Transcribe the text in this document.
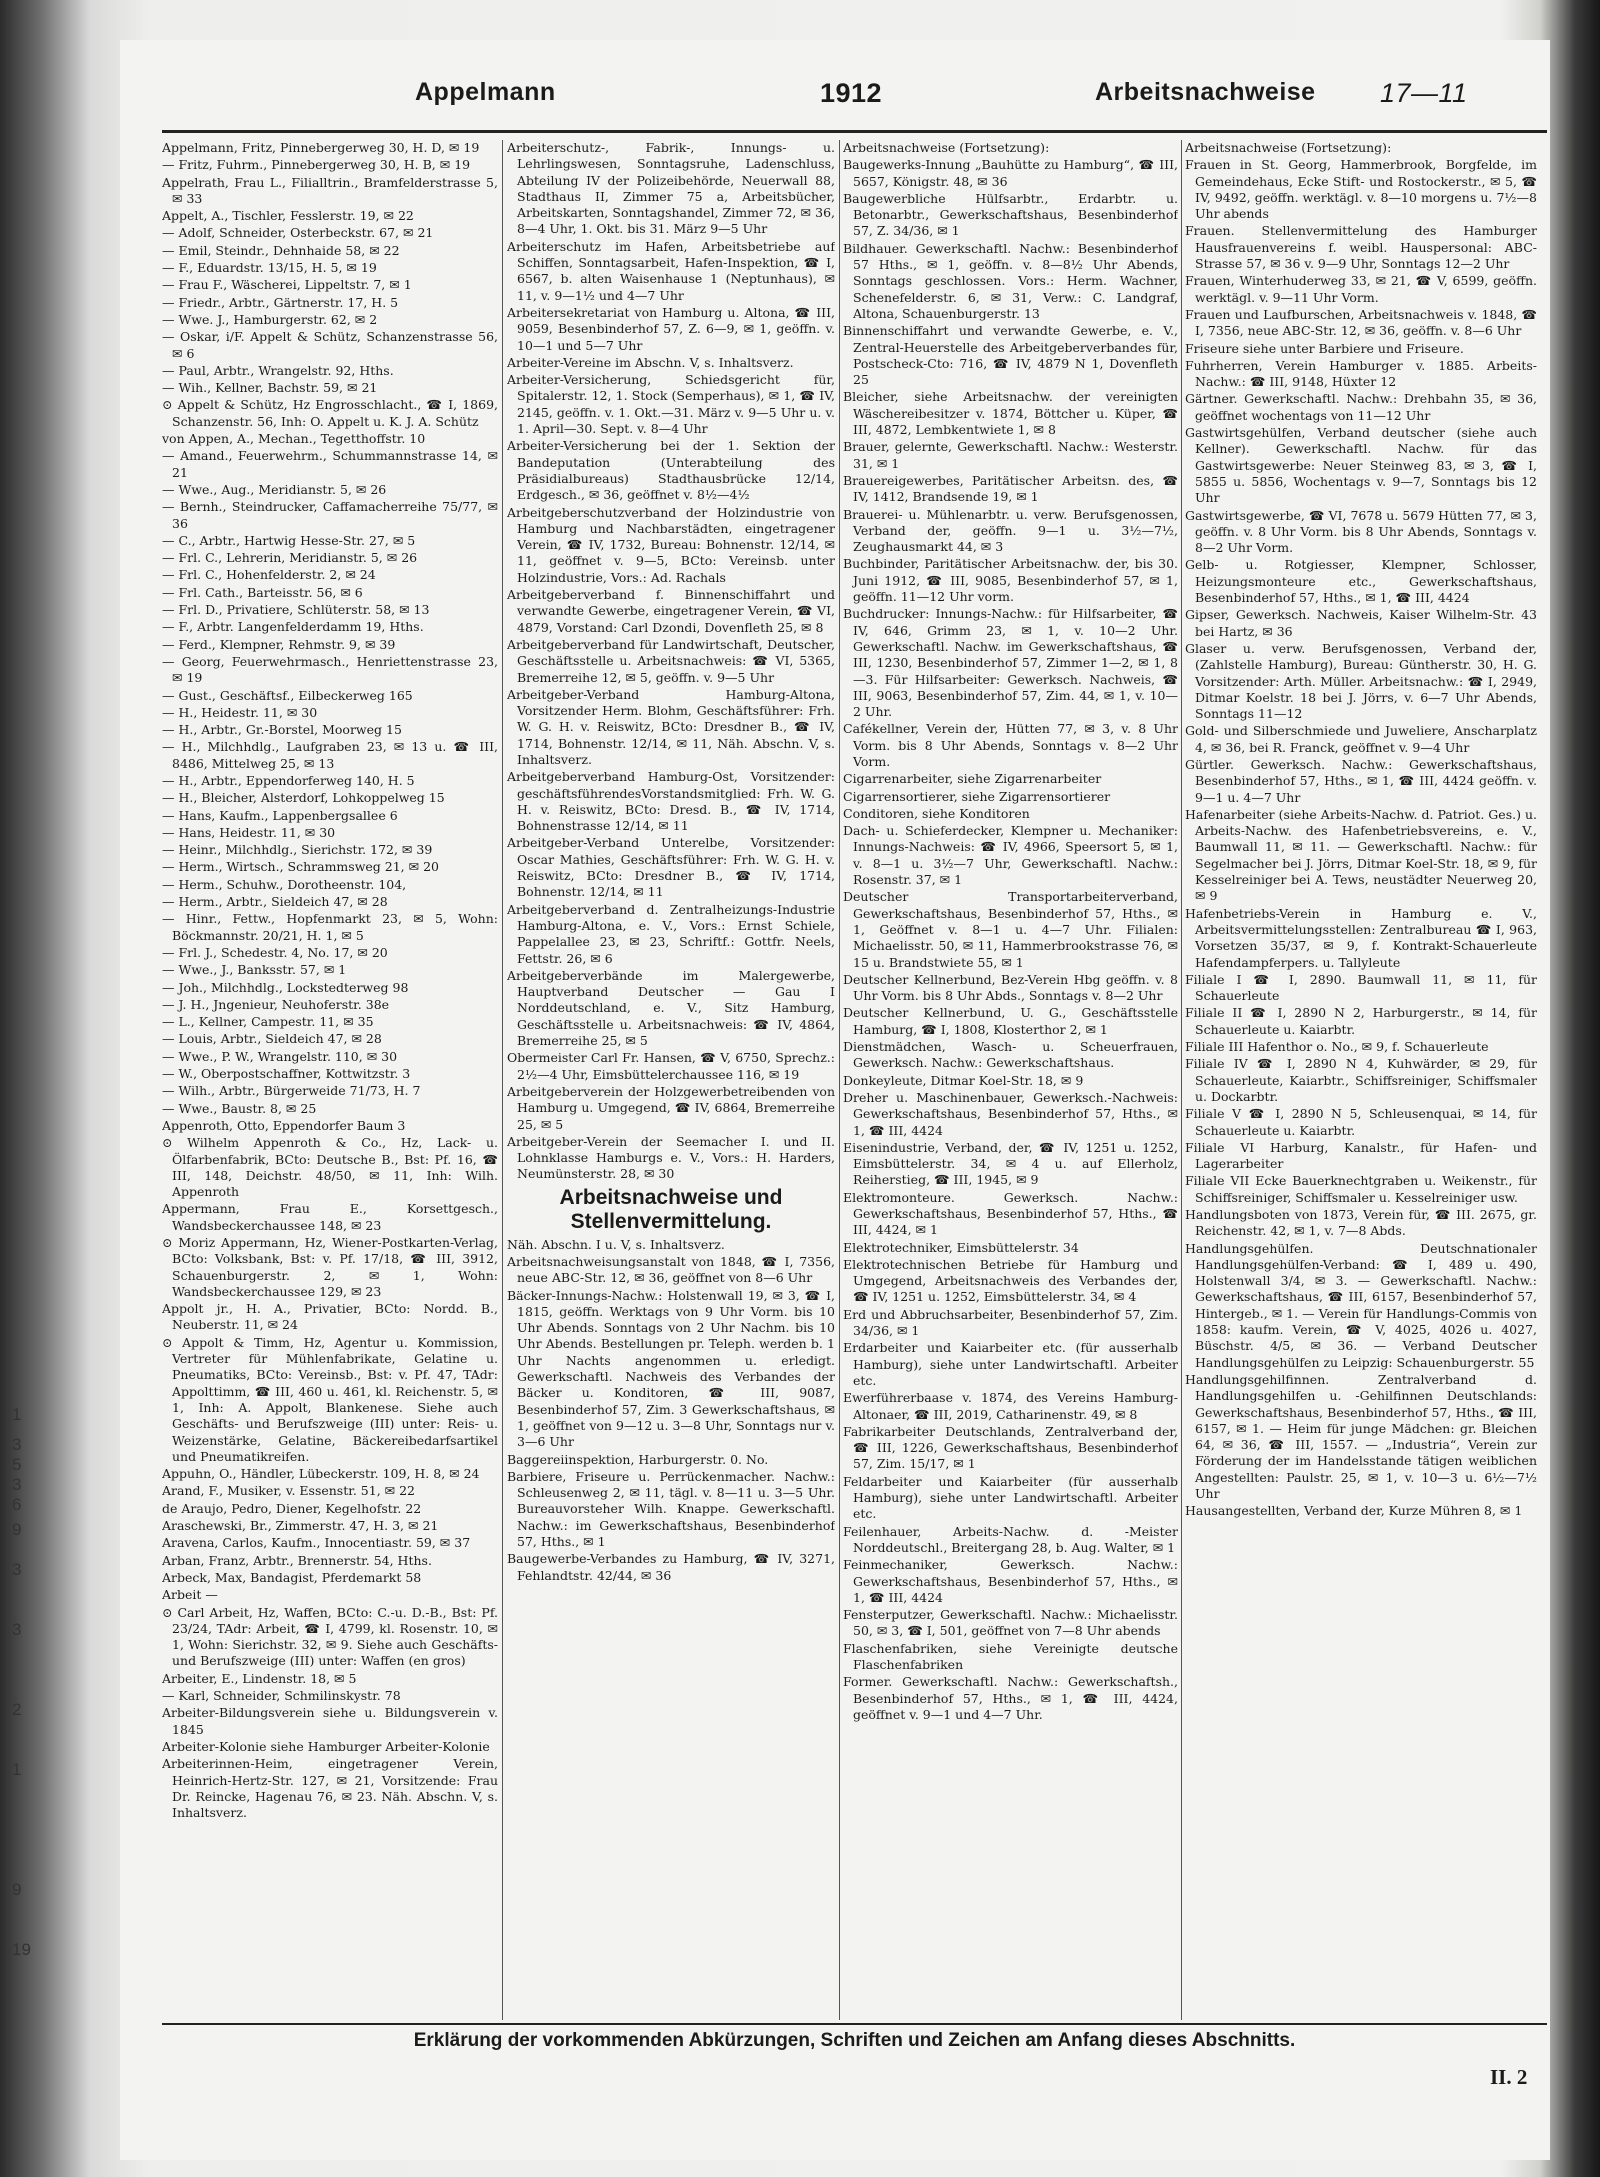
1
3
5
3
6
9
3
3
2
1
9
19
Appelmann	1912	Arbeitsnachweise 17—11

Appelmann, Fritz, Pinnebergerweg 30, H. D, ✉ 19

— Fritz, Fuhrm., Pinnebergerweg 30, H. B, ✉ 19

Appelrath, Frau L., Filialltrin., Bramfelderstrasse 5, ✉ 33

Appelt, A., Tischler, Fesslerstr. 19, ✉ 22

— Adolf, Schneider, Osterbeckstr. 67, ✉ 21

— Emil, Steindr., Dehnhaide 58, ✉ 22

— F., Eduardstr. 13/15, H. 5, ✉ 19

— Frau F., Wäscherei, Lippeltstr. 7, ✉ 1

— Friedr., Arbtr., Gärtnerstr. 17, H. 5

— Wwe. J., Hamburgerstr. 62, ✉ 2

— Oskar, i/F. Appelt & Schütz, Schanzenstrasse 56, ✉ 6

— Paul, Arbtr., Wrangelstr. 92, Hths.

— Wih., Kellner, Bachstr. 59, ✉ 21

⊙ Appelt & Schütz, Hz Engrosschlacht., ☎ I, 1869, Schanzenstr. 56, Inh: O. Appelt u. K. J. A. Schütz

von Appen, A., Mechan., Tegetthoffstr. 10

— Amand., Feuerwehrm., Schummannstrasse 14, ✉ 21

— Wwe., Aug., Meridianstr. 5, ✉ 26

— Bernh., Steindrucker, Caffamacherreihe 75/77, ✉ 36

— C., Arbtr., Hartwig Hesse-Str. 27, ✉ 5

— Frl. C., Lehrerin, Meridianstr. 5, ✉ 26

— Frl. C., Hohenfelderstr. 2, ✉ 24

— Frl. Cath., Barteisstr. 56, ✉ 6

— Frl. D., Privatiere, Schlüterstr. 58, ✉ 13

— F., Arbtr. Langenfelderdamm 19, Hths.

— Ferd., Klempner, Rehmstr. 9, ✉ 39

— Georg, Feuerwehrmasch., Henriettenstrasse 23, ✉ 19

— Gust., Geschäftsf., Eilbeckerweg 165

— H., Heidestr. 11, ✉ 30

— H., Arbtr., Gr.-Borstel, Moorweg 15

— H., Milchhdlg., Laufgraben 23, ✉ 13 u. ☎ III, 8486, Mittelweg 25, ✉ 13

— H., Arbtr., Eppendorferweg 140, H. 5

— H., Bleicher, Alsterdorf, Lohkoppelweg 15

— Hans, Kaufm., Lappenbergsallee 6

— Hans, Heidestr. 11, ✉ 30

— Heinr., Milchhdlg., Sierichstr. 172, ✉ 39

— Herm., Wirtsch., Schrammsweg 21, ✉ 20

— Herm., Schuhw., Dorotheenstr. 104,

— Herm., Arbtr., Sieldeich 47, ✉ 28

— Hinr., Fettw., Hopfenmarkt 23, ✉ 5, Wohn: Böckmannstr. 20/21, H. 1, ✉ 5

— Frl. J., Schedestr. 4, No. 17, ✉ 20

— Wwe., J., Banksstr. 57, ✉ 1

— Joh., Milchhdlg., Lockstedterweg 98

— J. H., Jngenieur, Neuhoferstr. 38e

— L., Kellner, Campestr. 11, ✉ 35

— Louis, Arbtr., Sieldeich 47, ✉ 28

— Wwe., P. W., Wrangelstr. 110, ✉ 30

— W., Oberpostschaffner, Kottwitzstr. 3

— Wilh., Arbtr., Bürgerweide 71/73, H. 7

— Wwe., Baustr. 8, ✉ 25

Appenroth, Otto, Eppendorfer Baum 3

⊙ Wilhelm Appenroth & Co., Hz, Lack- u. Ölfarbenfabrik, BCto: Deutsche B., Bst: Pf. 16, ☎ III, 148, Deichstr. 48/50, ✉ 11, Inh: Wilh. Appenroth

Appermann, Frau E., Korsettgesch., Wandsbeckerchaussee 148, ✉ 23

⊙ Moriz Appermann, Hz, Wiener-Postkarten-Verlag, BCto: Volksbank, Bst: v. Pf. 17/18, ☎ III, 3912, Schauenburgerstr. 2, ✉ 1, Wohn: Wandsbeckerchaussee 129, ✉ 23

Appolt jr., H. A., Privatier, BCto: Nordd. B., Neuberstr. 11, ✉ 24

⊙ Appolt & Timm, Hz, Agentur u. Kommission, Vertreter für Mühlenfabrikate, Gelatine u. Pneumatiks, BCto: Vereinsb., Bst: v. Pf. 47, TAdr: Appolttimm, ☎ III, 460 u. 461, kl. Reichenstr. 5, ✉ 1, Inh: A. Appolt, Blankenese. Siehe auch Geschäfts- und Berufszweige (III) unter: Reis- u. Weizenstärke, Gelatine, Bäckereibedarfsartikel und Pneumatikreifen.

Appuhn, O., Händler, Lübeckerstr. 109, H. 8, ✉ 24

Arand, F., Musiker, v. Essenstr. 51, ✉ 22

de Araujo, Pedro, Diener, Kegelhofstr. 22

Araschewski, Br., Zimmerstr. 47, H. 3, ✉ 21

Aravena, Carlos, Kaufm., Innocentiastr. 59, ✉ 37

Arban, Franz, Arbtr., Brennerstr. 54, Hths.

Arbeck, Max, Bandagist, Pferdemarkt 58

Arbeit —

⊙ Carl Arbeit, Hz, Waffen, BCto: C.-u. D.-B., Bst: Pf. 23/24, TAdr: Arbeit, ☎ I, 4799, kl. Rosenstr. 10, ✉ 1, Wohn: Sierichstr. 32, ✉ 9. Siehe auch Geschäfts- und Berufszweige (III) unter: Waffen (en gros)

Arbeiter, E., Lindenstr. 18, ✉ 5

— Karl, Schneider, Schmilinskystr. 78

Arbeiter-Bildungsverein siehe u. Bildungsverein v. 1845

Arbeiter-Kolonie siehe Hamburger Arbeiter-Kolonie

Arbeiterinnen-Heim, eingetragener Verein, Heinrich-Hertz-Str. 127, ✉ 21, Vorsitzende: Frau Dr. Reincke, Hagenau 76, ✉ 23. Näh. Abschn. V, s. Inhaltsverz.

Arbeiterschutz-, Fabrik-, Innungs- u. Lehrlingswesen, Sonntagsruhe, Ladenschluss, Abteilung IV der Polizeibehörde, Neuerwall 88, Stadthaus II, Zimmer 75 a, Arbeitsbücher, Arbeitskarten, Sonntagshandel, Zimmer 72, ✉ 36, 8—4 Uhr, 1. Okt. bis 31. März 9—5 Uhr

Arbeiterschutz im Hafen, Arbeitsbetriebe auf Schiffen, Sonntagsarbeit, Hafen-Inspektion, ☎ I, 6567, b. alten Waisenhause 1 (Neptunhaus), ✉ 11, v. 9—1½ und 4—7 Uhr

Arbeitersekretariat von Hamburg u. Altona, ☎ III, 9059, Besenbinderhof 57, Z. 6—9, ✉ 1, geöffn. v. 10—1 und 5—7 Uhr

Arbeiter-Vereine im Abschn. V, s. Inhaltsverz.

Arbeiter-Versicherung, Schiedsgericht für, Spitalerstr. 12, 1. Stock (Semperhaus), ✉ 1, ☎ IV, 2145, geöffn. v. 1. Okt.—31. März v. 9—5 Uhr u. v. 1. April—30. Sept. v. 8—4 Uhr

Arbeiter-Versicherung bei der 1. Sektion der Bandeputation (Unterabteilung des Präsidialbureaus) Stadthausbrücke 12/14, Erdgesch., ✉ 36, geöffnet v. 8½—4½

Arbeitgeberschutzverband der Holzindustrie von Hamburg und Nachbarstädten, eingetragener Verein, ☎ IV, 1732, Bureau: Bohnenstr. 12/14, ✉ 11, geöffnet v. 9—5, BCto: Vereinsb. unter Holzindustrie, Vors.: Ad. Rachals

Arbeitgeberverband f. Binnenschiffahrt und verwandte Gewerbe, eingetragener Verein, ☎ VI, 4879, Vorstand: Carl Dzondi, Dovenfleth 25, ✉ 8

Arbeitgeberverband für Landwirtschaft, Deutscher, Geschäftsstelle u. Arbeitsnachweis: ☎ VI, 5365, Bremerreihe 12, ✉ 5, geöffn. v. 9—5 Uhr

Arbeitgeber-Verband Hamburg-Altona, Vorsitzender Herm. Blohm, Geschäftsführer: Frh. W. G. H. v. Reiswitz, BCto: Dresdner B., ☎ IV, 1714, Bohnenstr. 12/14, ✉ 11, Näh. Abschn. V, s. Inhaltsverz.

Arbeitgeberverband Hamburg-Ost, Vorsitzender: geschäftsführendesVorstandsmitglied: Frh. W. G. H. v. Reiswitz, BCto: Dresd. B., ☎ IV, 1714, Bohnenstrasse 12/14, ✉ 11

Arbeitgeber-Verband Unterelbe, Vorsitzender: Oscar Mathies, Geschäftsführer: Frh. W. G. H. v. Reiswitz, BCto: Dresdner B., ☎ IV, 1714, Bohnenstr. 12/14, ✉ 11

Arbeitgeberverband d. Zentralheizungs-Industrie Hamburg-Altona, e. V., Vors.: Ernst Schiele, Pappelallee 23, ✉ 23, Schriftf.: Gottfr. Neels, Fettstr. 26, ✉ 6

Arbeitgeberverbände im Malergewerbe, Hauptverband Deutscher — Gau I Norddeutschland, e. V., Sitz Hamburg, Geschäftsstelle u. Arbeitsnachweis: ☎ IV, 4864, Bremerreihe 25, ✉ 5

Obermeister Carl Fr. Hansen, ☎ V, 6750, Sprechz.: 2½—4 Uhr, Eimsbüttelerchaussee 116, ✉ 19

Arbeitgeberverein der Holzgewerbetreibenden von Hamburg u. Umgegend, ☎ IV, 6864, Bremerreihe 25, ✉ 5

Arbeitgeber-Verein der Seemacher I. und II. Lohnklasse Hamburgs e. V., Vors.: H. Harders, Neumünsterstr. 28, ✉ 30

Arbeitsnachweise und Stellenvermittelung.

Näh. Abschn. I u. V, s. Inhaltsverz.

Arbeitsnachweisungsanstalt von 1848, ☎ I, 7356, neue ABC-Str. 12, ✉ 36, geöffnet von 8—6 Uhr

Bäcker-Innungs-Nachw.: Holstenwall 19, ✉ 3, ☎ I, 1815, geöffn. Werktags von 9 Uhr Vorm. bis 10 Uhr Abends. Sonntags von 2 Uhr Nachm. bis 10 Uhr Abends. Bestellungen pr. Teleph. werden b. 1 Uhr Nachts angenommen u. erledigt. Gewerkschaftl. Nachweis des Verbandes der Bäcker u. Konditoren, ☎ III, 9087, Besenbinderhof 57, Zim. 3 Gewerkschaftshaus, ✉ 1, geöffnet von 9—12 u. 3—8 Uhr, Sonntags nur v. 3—6 Uhr

Baggereiinspektion, Harburgerstr. 0. No.

Barbiere, Friseure u. Perrückenmacher. Nachw.: Schleusenweg 2, ✉ 11, tägl. v. 8—11 u. 3—5 Uhr. Bureauvorsteher Wilh. Knappe. Gewerkschaftl. Nachw.: im Gewerkschaftshaus, Besenbinderhof 57, Hths., ✉ 1

Baugewerbe-Verbandes zu Hamburg, ☎ IV, 3271, Fehlandtstr. 42/44, ✉ 36

Arbeitsnachweise (Fortsetzung):

Baugewerks-Innung „Bauhütte zu Hamburg“, ☎ III, 5657, Königstr. 48, ✉ 36

Baugewerbliche Hülfsarbtr., Erdarbtr. u. Betonarbtr., Gewerkschaftshaus, Besenbinderhof 57, Z. 34/36, ✉ 1

Bildhauer. Gewerkschaftl. Nachw.: Besenbinderhof 57 Hths., ✉ 1, geöffn. v. 8—8½ Uhr Abends, Sonntags geschlossen. Vors.: Herm. Wachner, Schenefelderstr. 6, ✉ 31, Verw.: C. Landgraf, Altona, Schauenburgerstr. 13

Binnenschiffahrt und verwandte Gewerbe, e. V., Zentral-Heuerstelle des Arbeitgeberverbandes für, Postscheck-Cto: 716, ☎ IV, 4879 N 1, Dovenfleth 25

Bleicher, siehe Arbeitsnachw. der vereinigten Wäschereibesitzer v. 1874, Böttcher u. Küper, ☎ III, 4872, Lembkentwiete 1, ✉ 8

Brauer, gelernte, Gewerkschaftl. Nachw.: Westerstr. 31, ✉ 1

Brauereigewerbes, Paritätischer Arbeitsn. des, ☎ IV, 1412, Brandsende 19, ✉ 1

Brauerei- u. Mühlenarbtr. u. verw. Berufsgenossen, Verband der, geöffn. 9—1 u. 3½—7½, Zeughausmarkt 44, ✉ 3

Buchbinder, Paritätischer Arbeitsnachw. der, bis 30. Juni 1912, ☎ III, 9085, Besenbinderhof 57, ✉ 1, geöffn. 11—12 Uhr vorm.

Buchdrucker: Innungs-Nachw.: für Hilfsarbeiter, ☎ IV, 646, Grimm 23, ✉ 1, v. 10—2 Uhr. Gewerkschaftl. Nachw. im Gewerkschaftshaus, ☎ III, 1230, Besenbinderhof 57, Zimmer 1—2, ✉ 1, 8—3. Für Hilfsarbeiter: Gewerksch. Nachweis, ☎ III, 9063, Besenbinderhof 57, Zim. 44, ✉ 1, v. 10—2 Uhr.

Cafékellner, Verein der, Hütten 77, ✉ 3, v. 8 Uhr Vorm. bis 8 Uhr Abends, Sonntags v. 8—2 Uhr Vorm.

Cigarrenarbeiter, siehe Zigarrenarbeiter

Cigarrensortierer, siehe Zigarrensortierer

Conditoren, siehe Konditoren

Dach- u. Schieferdecker, Klempner u. Mechaniker: Innungs-Nachweis: ☎ IV, 4966, Speersort 5, ✉ 1, v. 8—1 u. 3½—7 Uhr, Gewerkschaftl. Nachw.: Rosenstr. 37, ✉ 1

Deutscher Transportarbeiterverband, Gewerkschaftshaus, Besenbinderhof 57, Hths., ✉ 1, Geöffnet v. 8—1 u. 4—7 Uhr. Filialen: Michaelisstr. 50, ✉ 11, Hammerbrookstrasse 76, ✉ 15 u. Brandstwiete 55, ✉ 1

Deutscher Kellnerbund, Bez-Verein Hbg geöffn. v. 8 Uhr Vorm. bis 8 Uhr Abds., Sonntags v. 8—2 Uhr

Deutscher Kellnerbund, U. G., Geschäftsstelle Hamburg, ☎ I, 1808, Klosterthor 2, ✉ 1

Dienstmädchen, Wasch- u. Scheuerfrauen, Gewerksch. Nachw.: Gewerkschaftshaus.

Donkeyleute, Ditmar Koel-Str. 18, ✉ 9

Dreher u. Maschinenbauer, Gewerksch.-Nachweis: Gewerkschaftshaus, Besenbinderhof 57, Hths., ✉ 1, ☎ III, 4424

Eisenindustrie, Verband, der, ☎ IV, 1251 u. 1252, Eimsbüttelerstr. 34, ✉ 4 u. auf Ellerholz, Reiherstieg, ☎ III, 1945, ✉ 9

Elektromonteure. Gewerksch. Nachw.: Gewerkschaftshaus, Besenbinderhof 57, Hths., ☎ III, 4424, ✉ 1

Elektrotechniker, Eimsbüttelerstr. 34

Elektrotechnischen Betriebe für Hamburg und Umgegend, Arbeitsnachweis des Verbandes der, ☎ IV, 1251 u. 1252, Eimsbüttelerstr. 34, ✉ 4

Erd und Abbruchsarbeiter, Besenbinderhof 57, Zim. 34/36, ✉ 1

Erdarbeiter und Kaiarbeiter etc. (für ausserhalb Hamburg), siehe unter Landwirtschaftl. Arbeiter etc.

Ewerführerbaase v. 1874, des Vereins Hamburg-Altonaer, ☎ III, 2019, Catharinenstr. 49, ✉ 8

Fabrikarbeiter Deutschlands, Zentralverband der, ☎ III, 1226, Gewerkschaftshaus, Besenbinderhof 57, Zim. 15/17, ✉ 1

Feldarbeiter und Kaiarbeiter (für ausserhalb Hamburg), siehe unter Landwirtschaftl. Arbeiter etc.

Feilenhauer, Arbeits-Nachw. d. -Meister Norddeutschl., Breitergang 28, b. Aug. Walter, ✉ 1

Feinmechaniker, Gewerksch. Nachw.: Gewerkschaftshaus, Besenbinderhof 57, Hths., ✉ 1, ☎ III, 4424

Fensterputzer, Gewerkschaftl. Nachw.: Michaelisstr. 50, ✉ 3, ☎ I, 501, geöffnet von 7—8 Uhr abends

Flaschenfabriken, siehe Vereinigte deutsche Flaschenfabriken

Former. Gewerkschaftl. Nachw.: Gewerkschaftsh., Besenbinderhof 57, Hths., ✉ 1, ☎ III, 4424, geöffnet v. 9—1 und 4—7 Uhr.

Arbeitsnachweise (Fortsetzung):

Frauen in St. Georg, Hammerbrook, Borgfelde, im Gemeindehaus, Ecke Stift- und Rostockerstr., ✉ 5, ☎ IV, 9492, geöffn. werktägl. v. 8—10 morgens u. 7½—8 Uhr abends

Frauen. Stellenvermittelung des Hamburger Hausfrauenvereins f. weibl. Hauspersonal: ABC-Strasse 57, ✉ 36 v. 9—9 Uhr, Sonntags 12—2 Uhr

Frauen, Winterhuderweg 33, ✉ 21, ☎ V, 6599, geöffn. werktägl. v. 9—11 Uhr Vorm.

Frauen und Laufburschen, Arbeitsnachweis v. 1848, ☎ I, 7356, neue ABC-Str. 12, ✉ 36, geöffn. v. 8—6 Uhr

Friseure siehe unter Barbiere und Friseure.

Fuhrherren, Verein Hamburger v. 1885. Arbeits-Nachw.: ☎ III, 9148, Hüxter 12

Gärtner. Gewerkschaftl. Nachw.: Drehbahn 35, ✉ 36, geöffnet wochentags von 11—12 Uhr

Gastwirtsgehülfen, Verband deutscher (siehe auch Kellner). Gewerkschaftl. Nachw. für das Gastwirtsgewerbe: Neuer Steinweg 83, ✉ 3, ☎ I, 5855 u. 5856, Wochentags v. 9—7, Sonntags bis 12 Uhr

Gastwirtsgewerbe, ☎ VI, 7678 u. 5679 Hütten 77, ✉ 3, geöffn. v. 8 Uhr Vorm. bis 8 Uhr Abends, Sonntags v. 8—2 Uhr Vorm.

Gelb- u. Rotgiesser, Klempner, Schlosser, Heizungsmonteure etc., Gewerkschaftshaus, Besenbinderhof 57, Hths., ✉ 1, ☎ III, 4424

Gipser, Gewerksch. Nachweis, Kaiser Wilhelm-Str. 43 bei Hartz, ✉ 36

Glaser u. verw. Berufsgenossen, Verband der, (Zahlstelle Hamburg), Bureau: Güntherstr. 30, H. G. Vorsitzender: Arth. Müller. Arbeitsnachw.: ☎ I, 2949, Ditmar Koelstr. 18 bei J. Jörrs, v. 6—7 Uhr Abends, Sonntags 11—12

Gold- und Silberschmiede und Juweliere, Anscharplatz 4, ✉ 36, bei R. Franck, geöffnet v. 9—4 Uhr

Gürtler. Gewerksch. Nachw.: Gewerkschaftshaus, Besenbinderhof 57, Hths., ✉ 1, ☎ III, 4424 geöffn. v. 9—1 u. 4—7 Uhr

Hafenarbeiter (siehe Arbeits-Nachw. d. Patriot. Ges.) u. Arbeits-Nachw. des Hafenbetriebsvereins, e. V., Baumwall 11, ✉ 11. — Gewerkschaftl. Nachw.: für Segelmacher bei J. Jörrs, Ditmar Koel-Str. 18, ✉ 9, für Kesselreiniger bei A. Tews, neustädter Neuerweg 20, ✉ 9

Hafenbetriebs-Verein in Hamburg e. V., Arbeitsvermittelungsstellen: Zentralbureau ☎ I, 963, Vorsetzen 35/37, ✉ 9, f. Kontrakt-Schauerleute Hafendampferpers. u. Tallyleute

Filiale I ☎ I, 2890. Baumwall 11, ✉ 11, für Schauerleute

Filiale II ☎ I, 2890 N 2, Harburgerstr., ✉ 14, für Schauerleute u. Kaiarbtr.

Filiale III Hafenthor o. No., ✉ 9, f. Schauerleute

Filiale IV ☎ I, 2890 N 4, Kuhwärder, ✉ 29, für Schauerleute, Kaiarbtr., Schiffsreiniger, Schiffsmaler u. Dockarbtr.

Filiale V ☎ I, 2890 N 5, Schleusenquai, ✉ 14, für Schauerleute u. Kaiarbtr.

Filiale VI Harburg, Kanalstr., für Hafen- und Lagerarbeiter

Filiale VII Ecke Bauerknechtgraben u. Weikenstr., für Schiffsreiniger, Schiffsmaler u. Kesselreiniger usw.

Handlungsboten von 1873, Verein für, ☎ III. 2675, gr. Reichenstr. 42, ✉ 1, v. 7—8 Abds.

Handlungsgehülfen. Deutschnationaler Handlungsgehülfen-Verband: ☎ I, 489 u. 490, Holstenwall 3/4, ✉ 3. — Gewerkschaftl. Nachw.: Gewerkschaftshaus, ☎ III, 6157, Besenbinderhof 57, Hintergeb., ✉ 1. — Verein für Handlungs-Commis von 1858: kaufm. Verein, ☎ V, 4025, 4026 u. 4027, Büschstr. 4/5, ✉ 36. — Verband Deutscher Handlungsgehülfen zu Leipzig: Schauenburgerstr. 55

Handlungsgehilfinnen. Zentralverband d. Handlungsgehilfen u. -Gehilfinnen Deutschlands: Gewerkschaftshaus, Besenbinderhof 57, Hths., ☎ III, 6157, ✉ 1. — Heim für junge Mädchen: gr. Bleichen 64, ✉ 36, ☎ III, 1557. — „Industria“, Verein zur Förderung der im Handelsstande tätigen weiblichen Angestellten: Paulstr. 25, ✉ 1, v. 10—3 u. 6½—7½ Uhr

Hausangestellten, Verband der, Kurze Mühren 8, ✉ 1

Erklärung der vorkommenden Abkürzungen, Schriften und Zeichen am Anfang dieses Abschnitts.
II. 2
